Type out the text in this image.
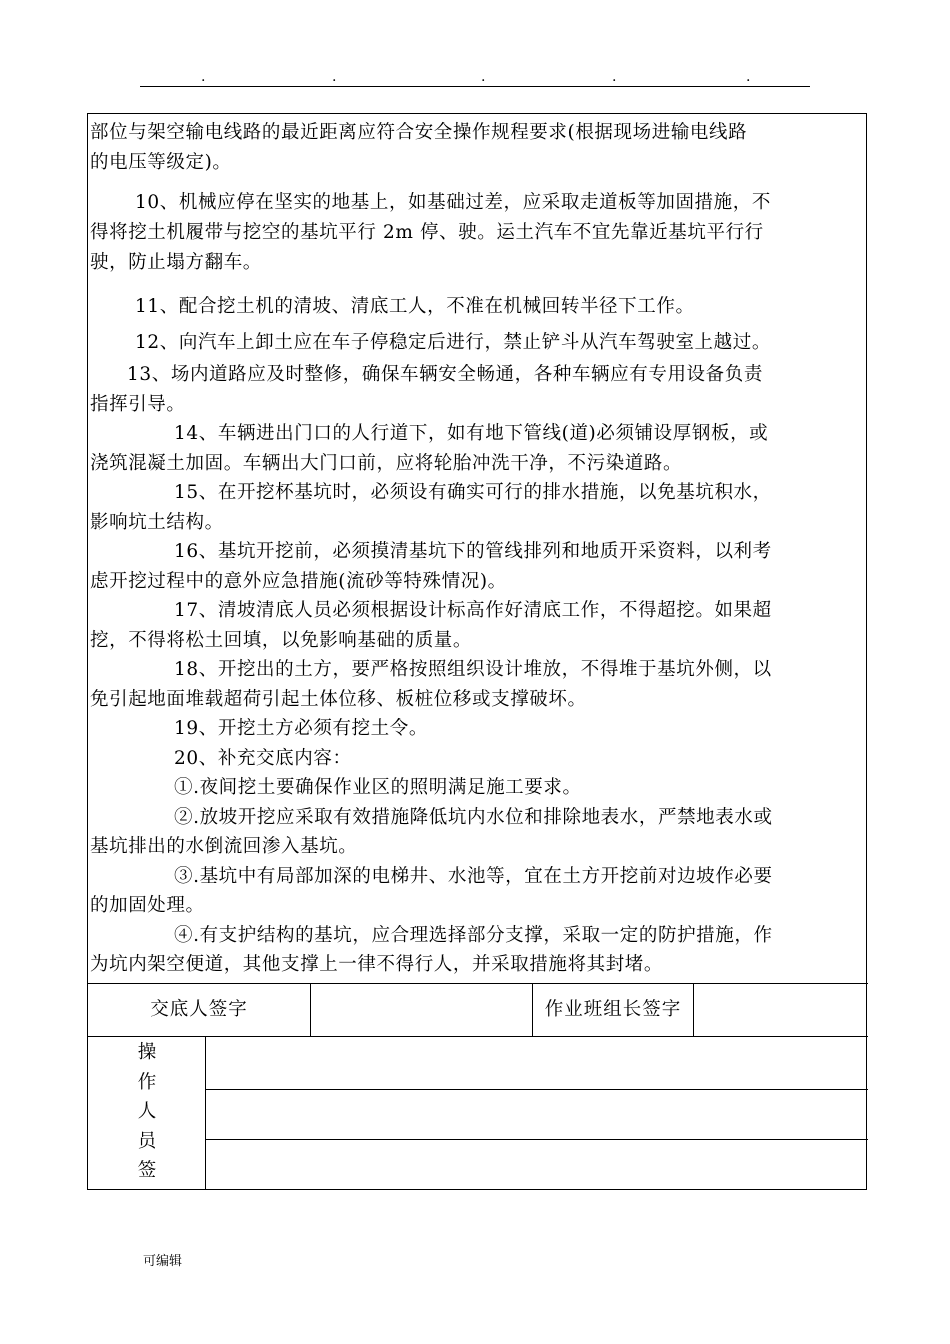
.	.	.	.	.
部位与架空输电线路的最近距离应符合安全操作规程要求(根据现场进输电线路
的电压等级定)。
10、机械应停在坚实的地基上，如基础过差，应采取走道板等加固措施，不
得将挖土机履带与挖空的基坑平行 2m 停、驶。运土汽车不宜先靠近基坑平行行
驶，防止塌方翻车。
11、配合挖土机的清坡、清底工人，不准在机械回转半径下工作。
12、向汽车上卸土应在车子停稳定后进行，禁止铲斗从汽车驾驶室上越过。
13、场内道路应及时整修，确保车辆安全畅通，各种车辆应有专用设备负责
指挥引导。
14、车辆进出门口的人行道下，如有地下管线(道)必须铺设厚钢板，或
浇筑混凝土加固。车辆出大门口前，应将轮胎冲洗干净，不污染道路。
15、在开挖杯基坑时，必须设有确实可行的排水措施，以免基坑积水，
影响坑土结构。
16、基坑开挖前，必须摸清基坑下的管线排列和地质开采资料，以利考
虑开挖过程中的意外应急措施(流砂等特殊情况)。
17、清坡清底人员必须根据设计标高作好清底工作，不得超挖。如果超
挖，不得将松土回填，以免影响基础的质量。
18、开挖出的土方，要严格按照组织设计堆放，不得堆于基坑外侧，以
免引起地面堆载超荷引起土体位移、板桩位移或支撑破坏。
19、开挖土方必须有挖土令。
20、补充交底内容：
①.夜间挖土要确保作业区的照明满足施工要求。
②.放坡开挖应采取有效措施降低坑内水位和排除地表水，严禁地表水或
基坑排出的水倒流回渗入基坑。
③.基坑中有局部加深的电梯井、水池等，宜在土方开挖前对边坡作必要
的加固处理。
④.有支护结构的基坑，应合理选择部分支撑，采取一定的防护措施，作
为坑内架空便道，其他支撑上一律不得行人，并采取措施将其封堵。
交底人签字	作业班组长签字
操
作
人
员
签
可编辑
